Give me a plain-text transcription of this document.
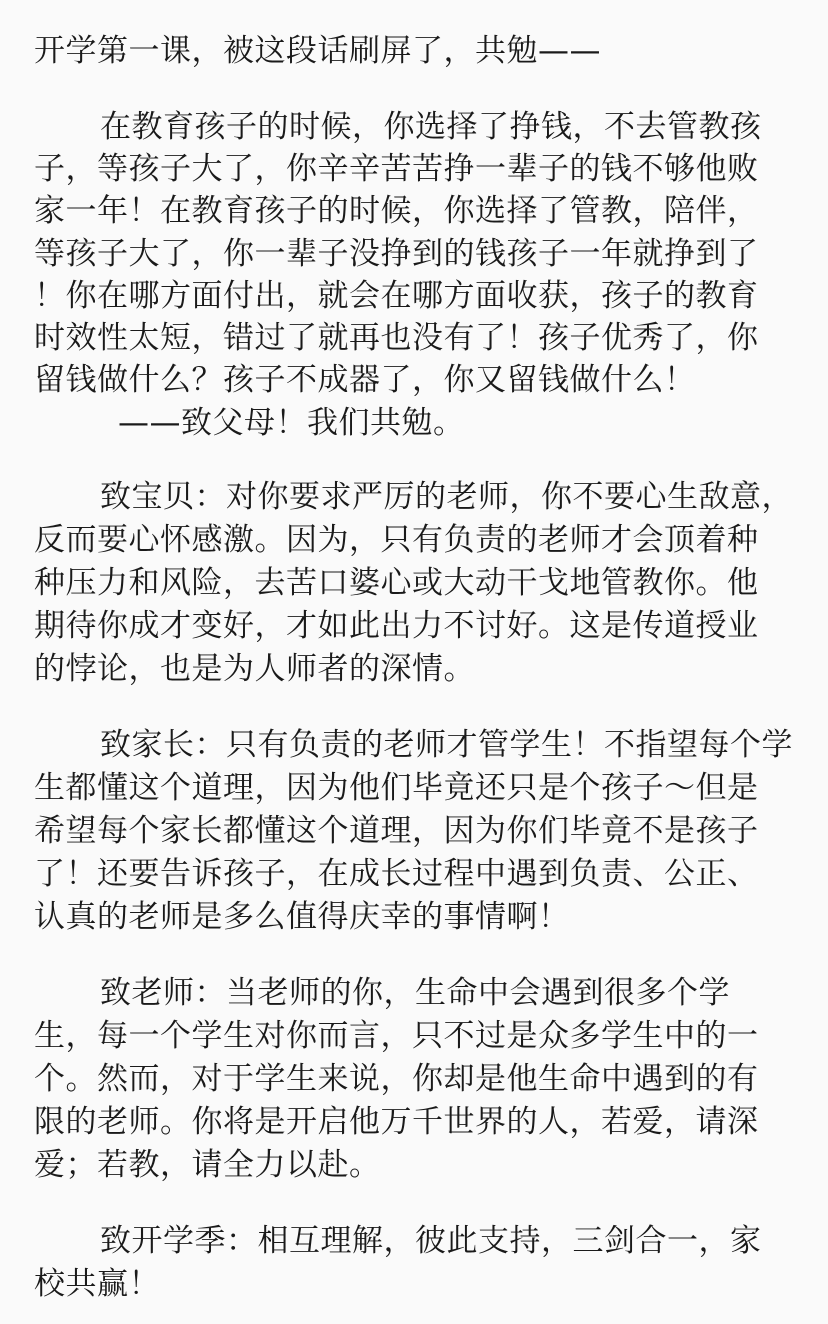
开学第一课，被这段话刷屏了，共勉——

在教育孩子的时候，你选择了挣钱，不去管教孩

子，等孩子大了，你辛辛苦苦挣一辈子的钱不够他败

家一年！在教育孩子的时候，你选择了管教，陪伴，

等孩子大了，你一辈子没挣到的钱孩子一年就挣到了

！你在哪方面付出，就会在哪方面收获，孩子的教育

时效性太短，错过了就再也没有了！孩子优秀了，你

留钱做什么？孩子不成器了，你又留钱做什么！

——致父母！我们共勉。

致宝贝：对你要求严厉的老师，你不要心生敌意，

反而要心怀感激。因为，只有负责的老师才会顶着种

种压力和风险，去苦口婆心或大动干戈地管教你。他

期待你成才变好，才如此出力不讨好。这是传道授业

的悖论，也是为人师者的深情。

致家长：只有负责的老师才管学生！不指望每个学

生都懂这个道理，因为他们毕竟还只是个孩子～但是

希望每个家长都懂这个道理，因为你们毕竟不是孩子

了！还要告诉孩子，在成长过程中遇到负责、公正、

认真的老师是多么值得庆幸的事情啊！

致老师：当老师的你，生命中会遇到很多个学

生，每一个学生对你而言，只不过是众多学生中的一

个。然而，对于学生来说，你却是他生命中遇到的有

限的老师。你将是开启他万千世界的人，若爱，请深

爱；若教，请全力以赴。

致开学季：相互理解，彼此支持，三剑合一，家

校共赢！
